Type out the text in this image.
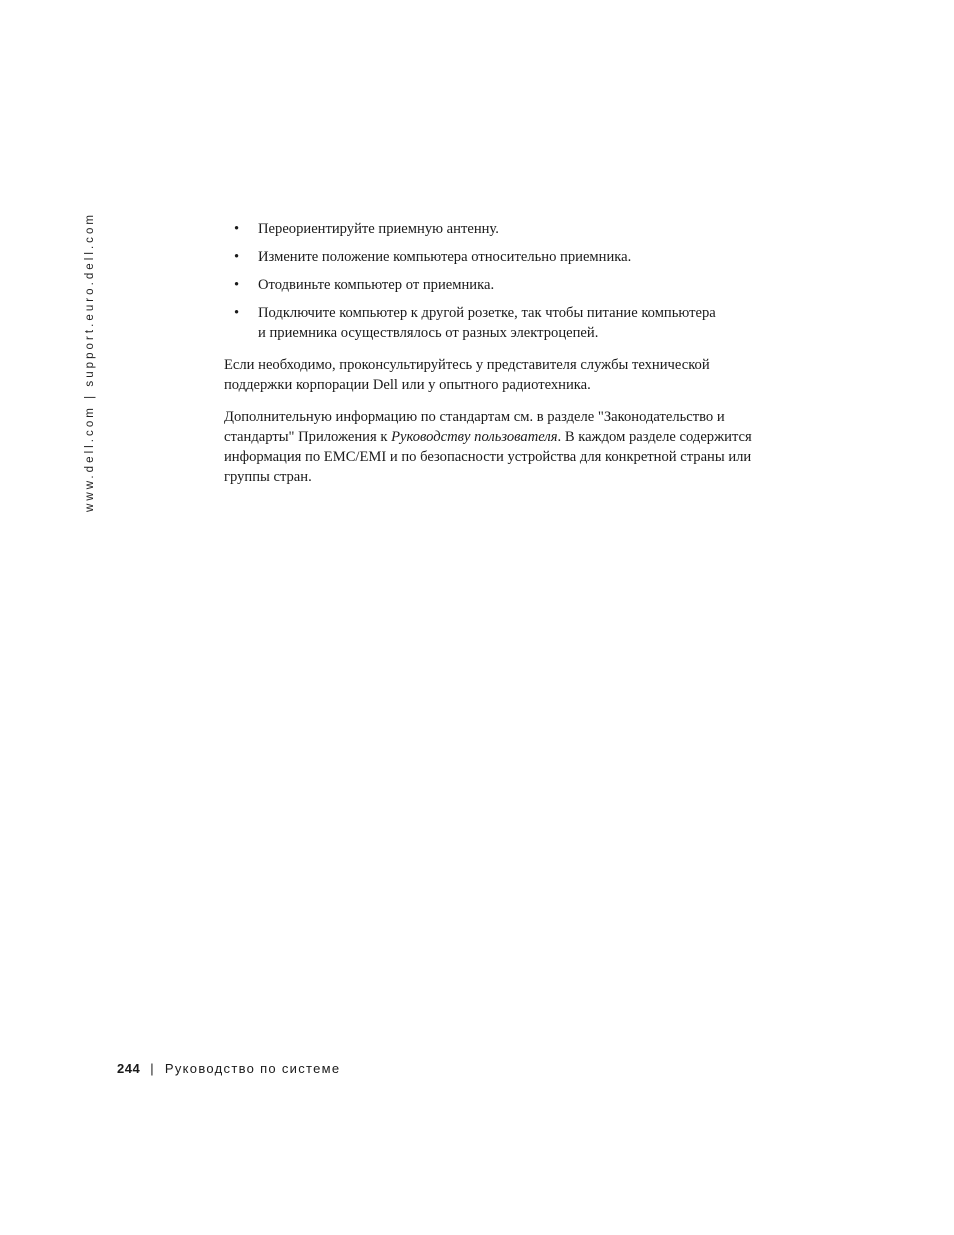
www.dell.com | support.euro.dell.com	• Переориентируйте приемную антенну.
• Измените положение компьютера относительно приемника.
• Отодвиньте компьютер от приемника.
• Подключите компьютер к другой розетке, так чтобы питание компьютера
и приемника осуществлялось от разных электроцепей.

Если необходимо, проконсультируйтесь у представителя службы технической
поддержки корпорации Dell или у опытного радиотехника.

Дополнительную информацию по стандартам см. в разделе "Законодательство и
стандарты" Приложения к Руководству пользователя. В каждом разделе содержится
информация по EMC/EMI и по безопасности устройства для конкретной страны или
группы стран.

244 | Руководство по системе
